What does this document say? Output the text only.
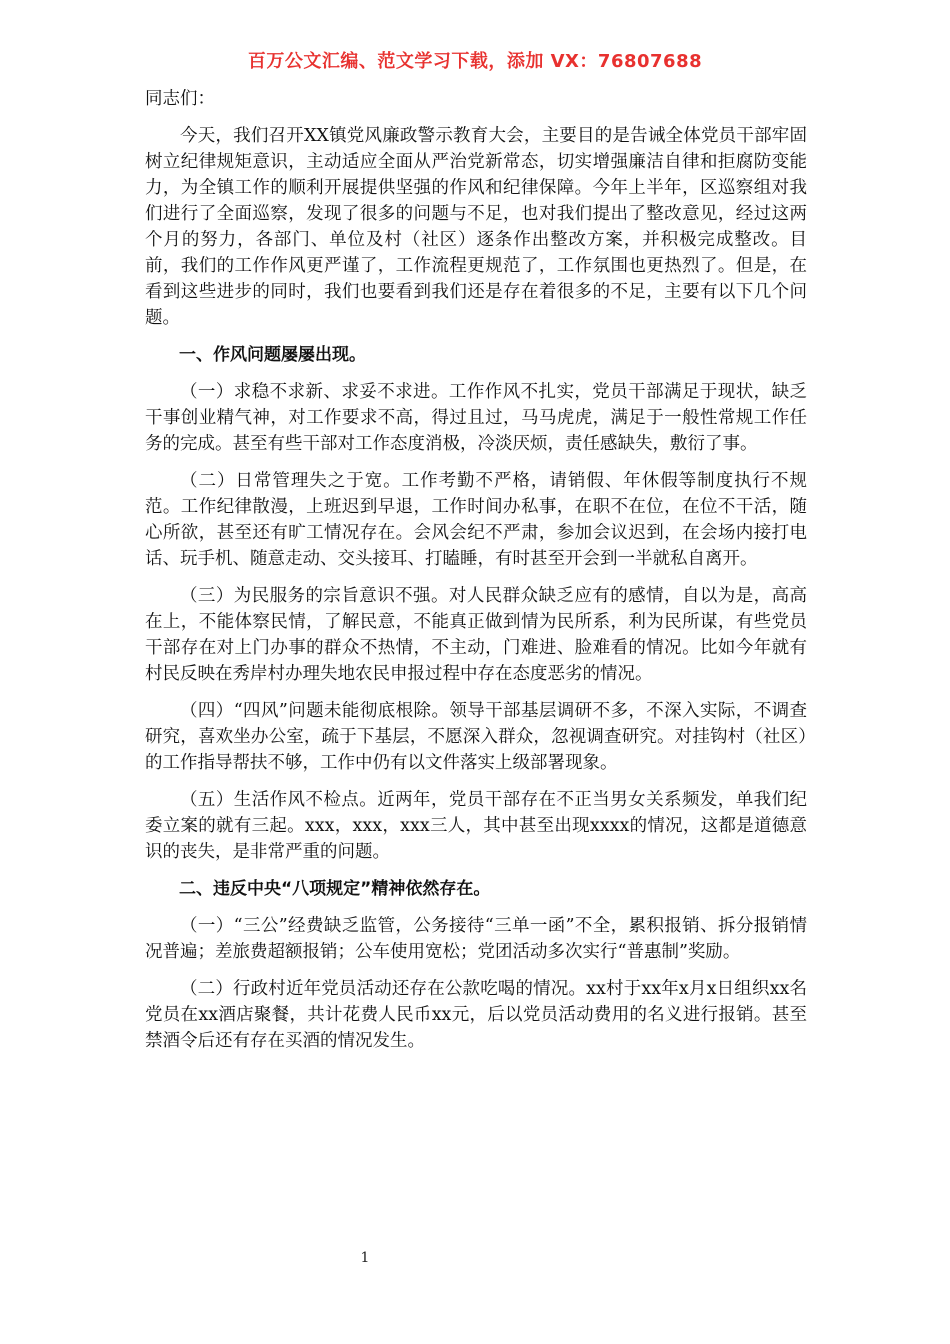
百万公文汇编、范文学习下载，添加 VX：76807688

同志们：

今天，我们召开XX镇党风廉政警示教育大会，主要目的是告诫全体党员干部牢固树立纪律规矩意识，主动适应全面从严治党新常态，切实增强廉洁自律和拒腐防变能力，为全镇工作的顺利开展提供坚强的作风和纪律保障。今年上半年，区巡察组对我们进行了全面巡察，发现了很多的问题与不足，也对我们提出了整改意见，经过这两个月的努力，各部门、单位及村（社区）逐条作出整改方案，并积极完成整改。目前，我们的工作作风更严谨了，工作流程更规范了，工作氛围也更热烈了。但是，在看到这些进步的同时，我们也要看到我们还是存在着很多的不足，主要有以下几个问题。

一、作风问题屡屡出现。

（一）求稳不求新、求妥不求进。工作作风不扎实，党员干部满足于现状，缺乏干事创业精气神，对工作要求不高，得过且过，马马虎虎，满足于一般性常规工作任务的完成。甚至有些干部对工作态度消极，冷淡厌烦，责任感缺失，敷衍了事。

（二）日常管理失之于宽。工作考勤不严格，请销假、年休假等制度执行不规范。工作纪律散漫，上班迟到早退，工作时间办私事，在职不在位，在位不干活，随心所欲，甚至还有旷工情况存在。会风会纪不严肃，参加会议迟到，在会场内接打电话、玩手机、随意走动、交头接耳、打瞌睡，有时甚至开会到一半就私自离开。

（三）为民服务的宗旨意识不强。对人民群众缺乏应有的感情，自以为是，高高在上，不能体察民情，了解民意，不能真正做到情为民所系，利为民所谋，有些党员干部存在对上门办事的群众不热情，不主动，门难进、脸难看的情况。比如今年就有村民反映在秀岸村办理失地农民申报过程中存在态度恶劣的情况。

（四）“四风”问题未能彻底根除。领导干部基层调研不多，不深入实际，不调查研究，喜欢坐办公室，疏于下基层，不愿深入群众，忽视调查研究。对挂钩村（社区）的工作指导帮扶不够，工作中仍有以文件落实上级部署现象。

（五）生活作风不检点。近两年，党员干部存在不正当男女关系频发，单我们纪委立案的就有三起。xxx，xxx，xxx三人，其中甚至出现xxxx的情况，这都是道德意识的丧失，是非常严重的问题。

二、违反中央“八项规定”精神依然存在。

（一）“三公”经费缺乏监管，公务接待“三单一函”不全，累积报销、拆分报销情况普遍；差旅费超额报销；公车使用宽松；党团活动多次实行“普惠制”奖励。

（二）行政村近年党员活动还存在公款吃喝的情况。xx村于xx年x月x日组织xx名党员在xx酒店聚餐，共计花费人民币xx元，后以党员活动费用的名义进行报销。甚至禁酒令后还有存在买酒的情况发生。

1
